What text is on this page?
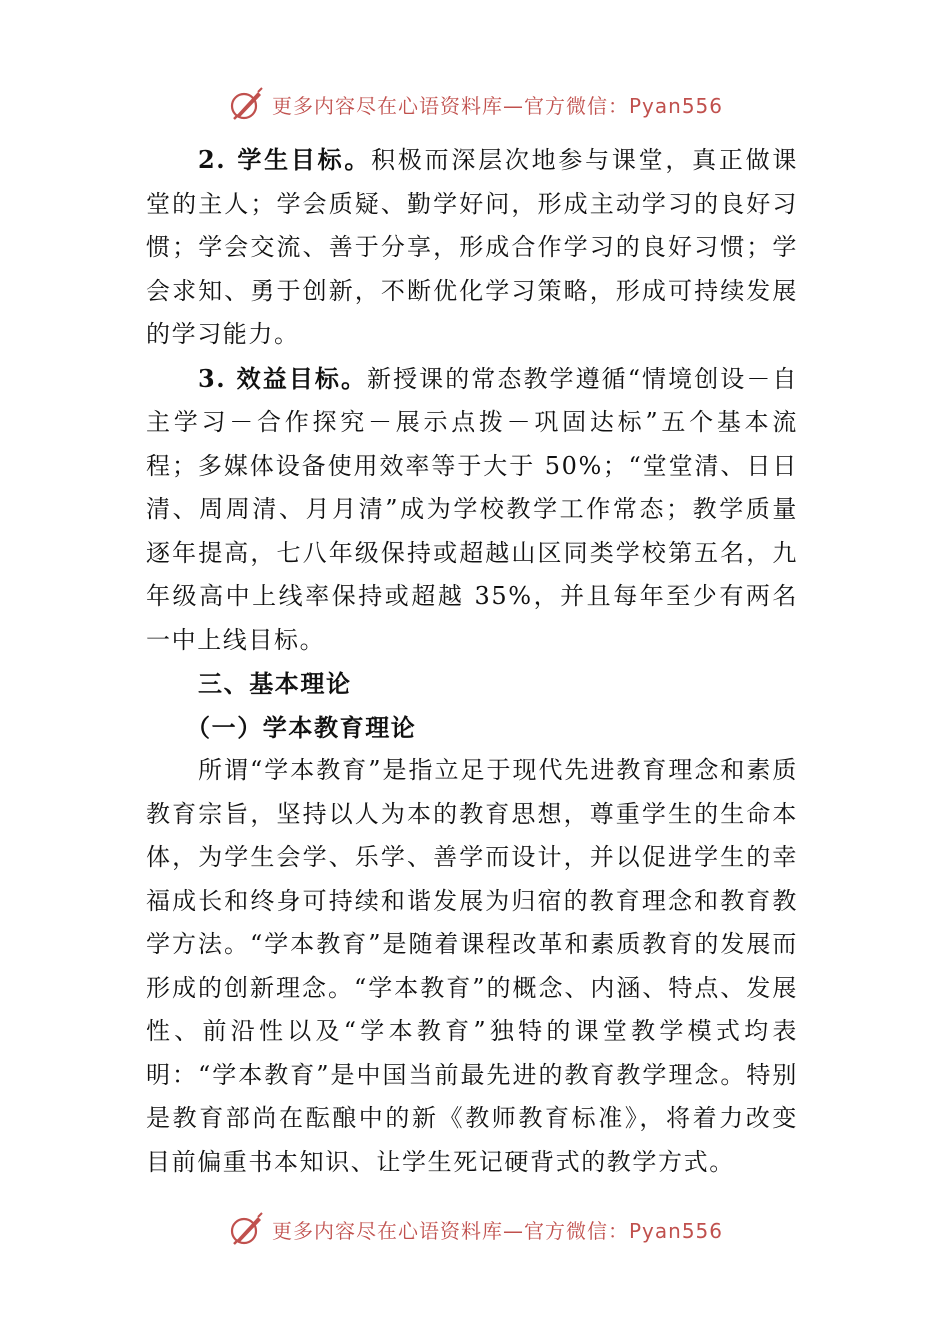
更多内容尽在心语资料库—官方微信：Pyan556

2. 学生目标。积极而深层次地参与课堂，真正做课堂的主人；学会质疑、勤学好问，形成主动学习的良好习惯；学会交流、善于分享，形成合作学习的良好习惯；学会求知、勇于创新，不断优化学习策略，形成可持续发展的学习能力。

3. 效益目标。新授课的常态教学遵循“情境创设－自主学习－合作探究－展示点拨－巩固达标”五个基本流程；多媒体设备使用效率等于大于 50%；“堂堂清、日日清、周周清、月月清”成为学校教学工作常态；教学质量逐年提高，七八年级保持或超越山区同类学校第五名，九年级高中上线率保持或超越 35%，并且每年至少有两名一中上线目标。

三、基本理论

（一）学本教育理论

所谓“学本教育”是指立足于现代先进教育理念和素质教育宗旨，坚持以人为本的教育思想，尊重学生的生命本体，为学生会学、乐学、善学而设计，并以促进学生的幸福成长和终身可持续和谐发展为归宿的教育理念和教育教学方法。“学本教育”是随着课程改革和素质教育的发展而形成的创新理念。“学本教育”的概念、内涵、特点、发展性、前沿性以及“学本教育”独特的课堂教学模式均表明：“学本教育”是中国当前最先进的教育教学理念。特别是教育部尚在酝酿中的新《教师教育标准》，将着力改变目前偏重书本知识、让学生死记硬背式的教学方式。

更多内容尽在心语资料库—官方微信：Pyan556
